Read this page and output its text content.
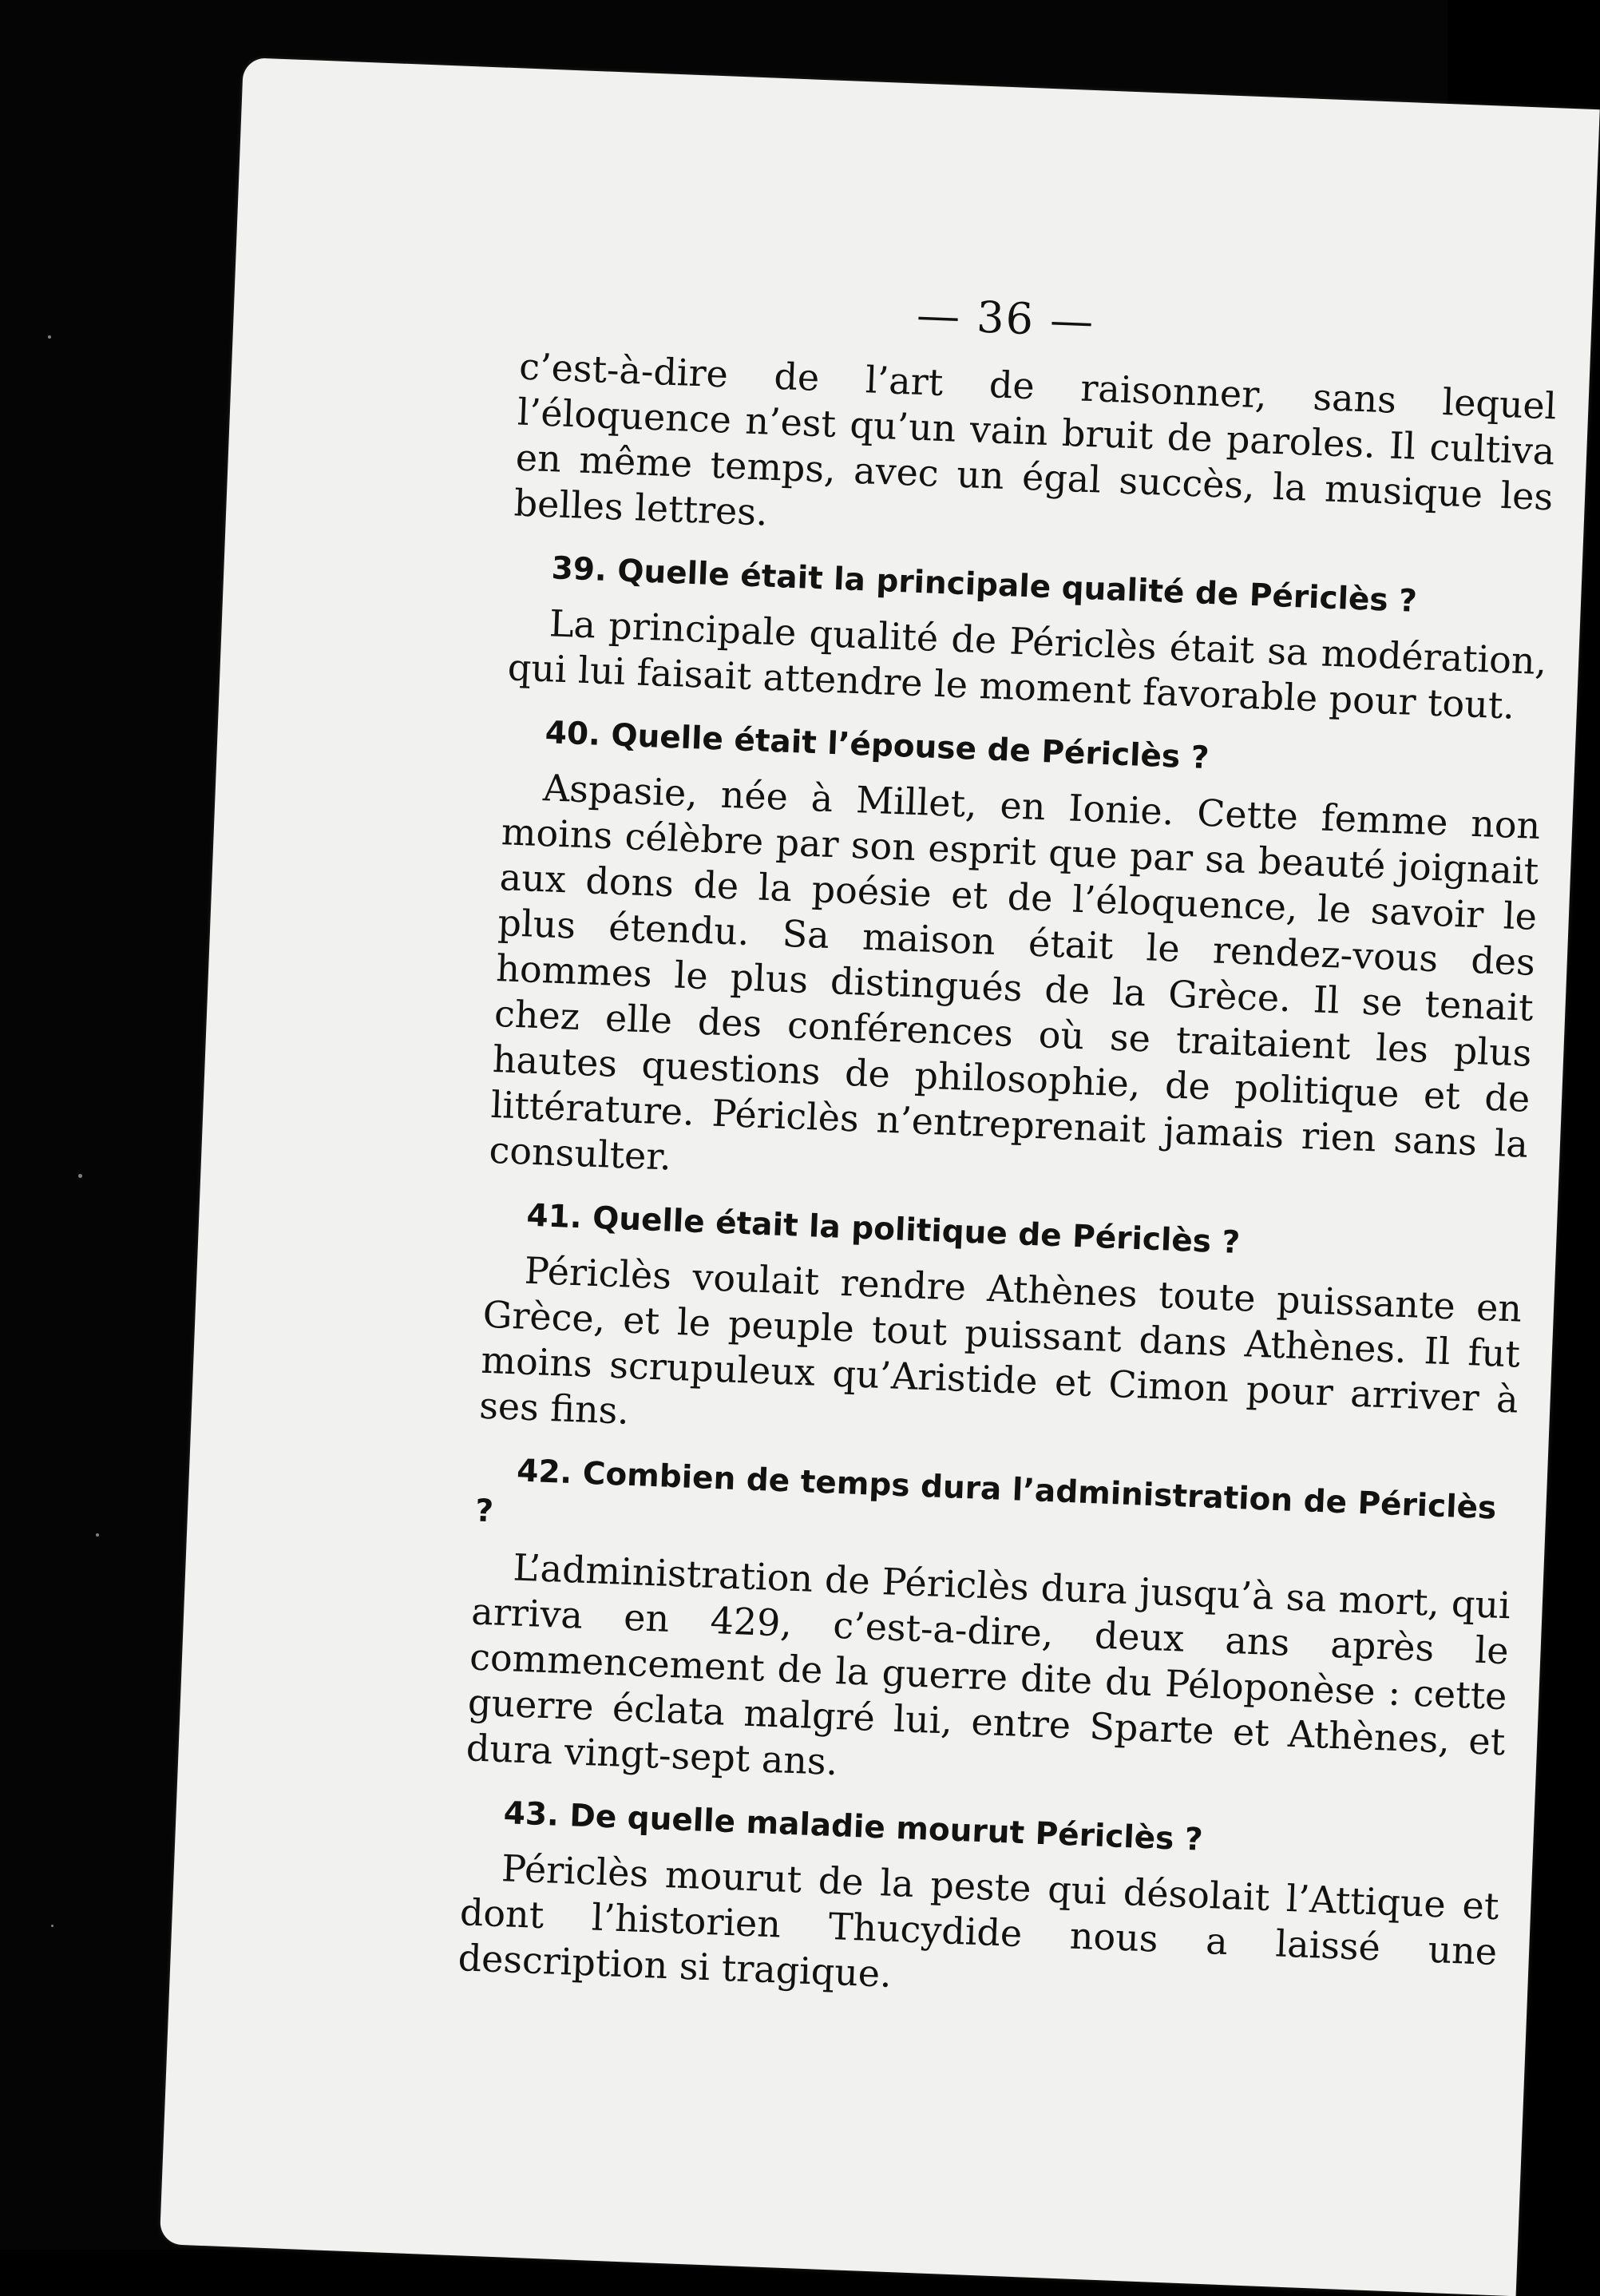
— 36 —

c’est-à-dire de l’art de raisonner, sans lequel l’éloquence n’est qu’un vain bruit de paroles. Il cultiva en même temps, avec un égal succès, la musique les belles lettres.

39. Quelle était la principale qualité de Périclès ?

La principale qualité de Périclès était sa modération, qui lui faisait attendre le moment favorable pour tout.

40. Quelle était l’épouse de Périclès ?

Aspasie, née à Millet, en Ionie. Cette femme non moins célèbre par son esprit que par sa beauté joignait aux dons de la poésie et de l’éloquence, le savoir le plus étendu. Sa maison était le rendez-vous des hommes le plus distingués de la Grèce. Il se tenait chez elle des conférences où se traitaient les plus hautes questions de philosophie, de politique et de littérature. Périclès n’entreprenait jamais rien sans la consulter.

41. Quelle était la politique de Périclès ?

Périclès voulait rendre Athènes toute puissante en Grèce, et le peuple tout puissant dans Athènes. Il fut moins scrupuleux qu’Aristide et Cimon pour arriver à ses fins.

42. Combien de temps dura l’administration de Périclès ?

L’administration de Périclès dura jusqu’à sa mort, qui arriva en 429, c’est-a-dire, deux ans après le commencement de la guerre dite du Péloponèse : cette guerre éclata malgré lui, entre Sparte et Athènes, et dura vingt-sept ans.

43. De quelle maladie mourut Périclès ?

Périclès mourut de la peste qui désolait l’Attique et dont l’historien Thucydide nous a laissé une description si tragique.
